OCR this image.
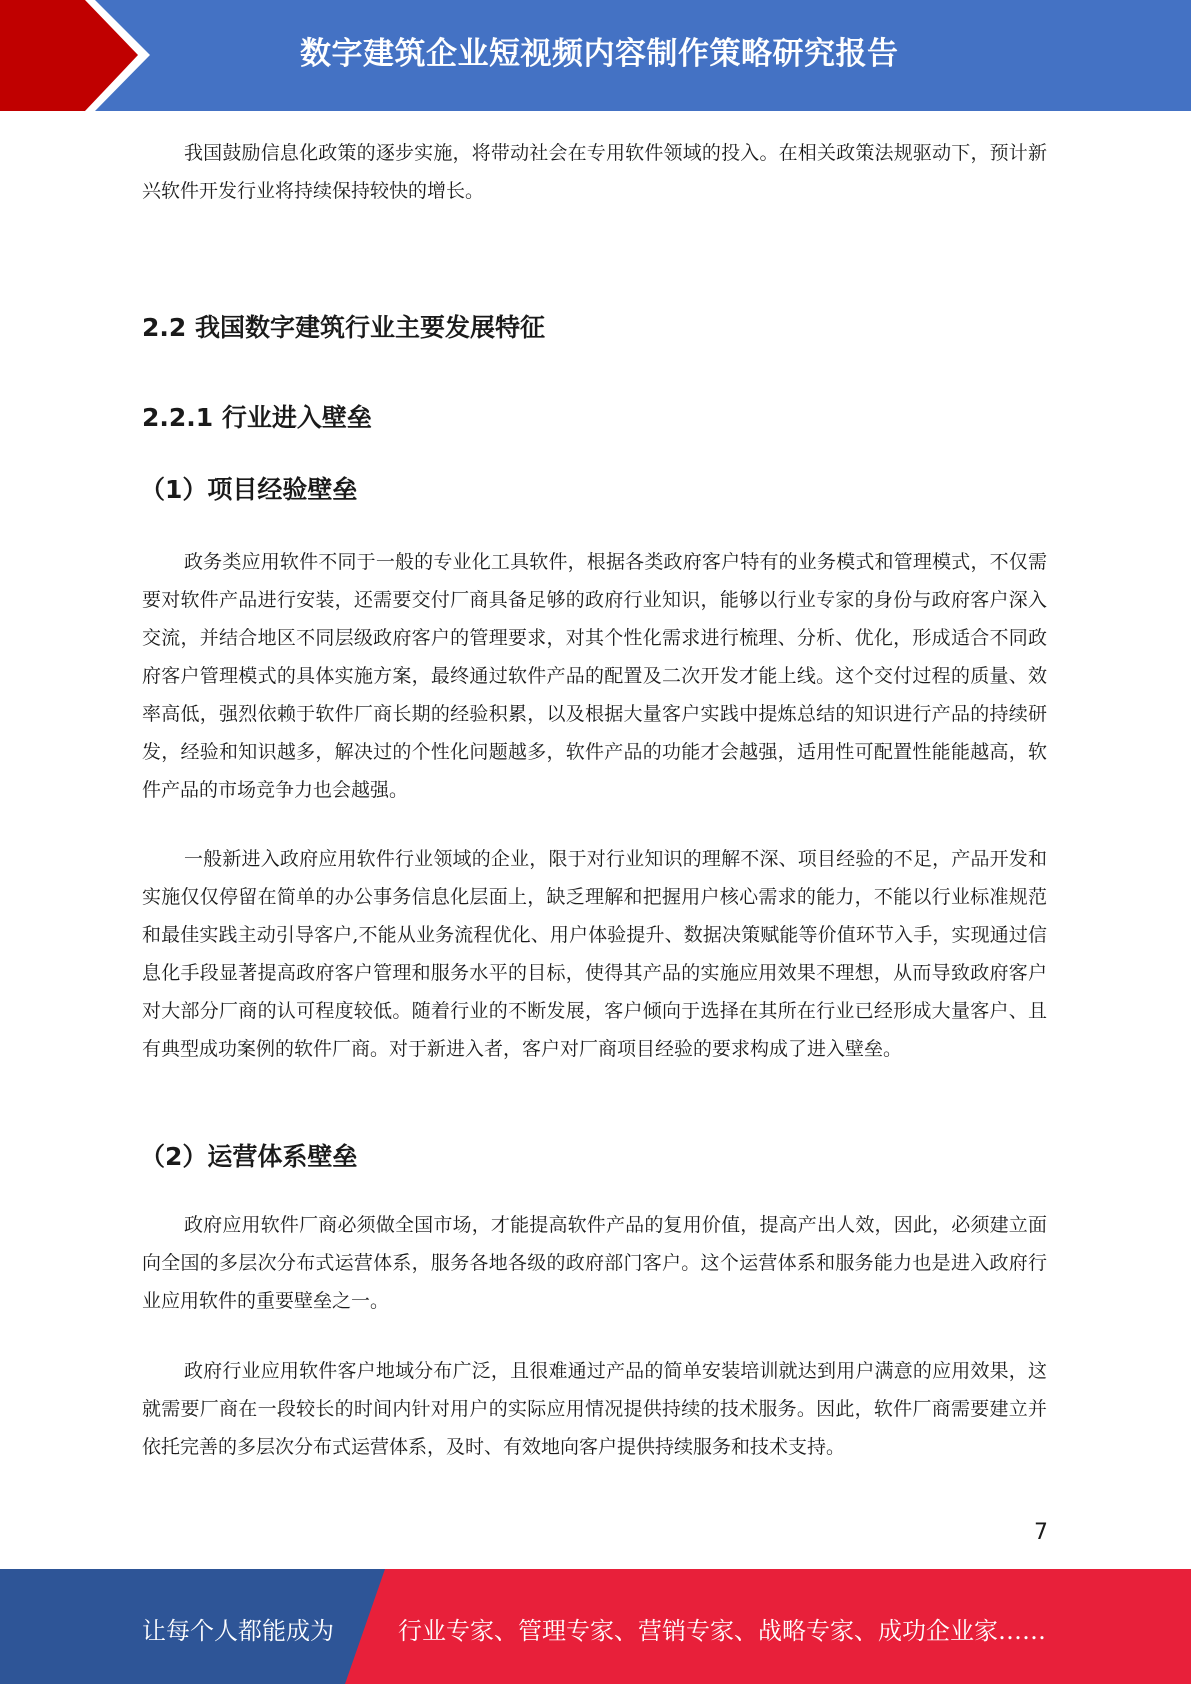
数字建筑企业短视频内容制作策略研究报告

我国鼓励信息化政策的逐步实施，将带动社会在专用软件领域的投入。在相关政策法规驱动下，预计新兴软件开发行业将持续保持较快的增长。

2.2 我国数字建筑行业主要发展特征
2.2.1 行业进入壁垒
（1）项目经验壁垒

政务类应用软件不同于一般的专业化工具软件，根据各类政府客户特有的业务模式和管理模式，不仅需要对软件产品进行安装，还需要交付厂商具备足够的政府行业知识，能够以行业专家的身份与政府客户深入交流，并结合地区不同层级政府客户的管理要求，对其个性化需求进行梳理、分析、优化，形成适合不同政府客户管理模式的具体实施方案，最终通过软件产品的配置及二次开发才能上线。这个交付过程的质量、效率高低，强烈依赖于软件厂商长期的经验积累，以及根据大量客户实践中提炼总结的知识进行产品的持续研发，经验和知识越多，解决过的个性化问题越多，软件产品的功能才会越强，适用性可配置性能能越高，软件产品的市场竞争力也会越强。

一般新进入政府应用软件行业领域的企业，限于对行业知识的理解不深、项目经验的不足，产品开发和实施仅仅停留在简单的办公事务信息化层面上，缺乏理解和把握用户核心需求的能力，不能以行业标准规范和最佳实践主动引导客户,不能从业务流程优化、用户体验提升、数据决策赋能等价值环节入手，实现通过信息化手段显著提高政府客户管理和服务水平的目标，使得其产品的实施应用效果不理想，从而导致政府客户对大部分厂商的认可程度较低。随着行业的不断发展，客户倾向于选择在其所在行业已经形成大量客户、且有典型成功案例的软件厂商。对于新进入者，客户对厂商项目经验的要求构成了进入壁垒。

（2）运营体系壁垒

政府应用软件厂商必须做全国市场，才能提高软件产品的复用价值，提高产出人效，因此，必须建立面向全国的多层次分布式运营体系，服务各地各级的政府部门客户。这个运营体系和服务能力也是进入政府行业应用软件的重要壁垒之一。

政府行业应用软件客户地域分布广泛，且很难通过产品的简单安装培训就达到用户满意的应用效果，这就需要厂商在一段较长的时间内针对用户的实际应用情况提供持续的技术服务。因此，软件厂商需要建立并依托完善的多层次分布式运营体系，及时、有效地向客户提供持续服务和技术支持。

7
让每个人都能成为	行业专家、管理专家、营销专家、战略专家、成功企业家……
